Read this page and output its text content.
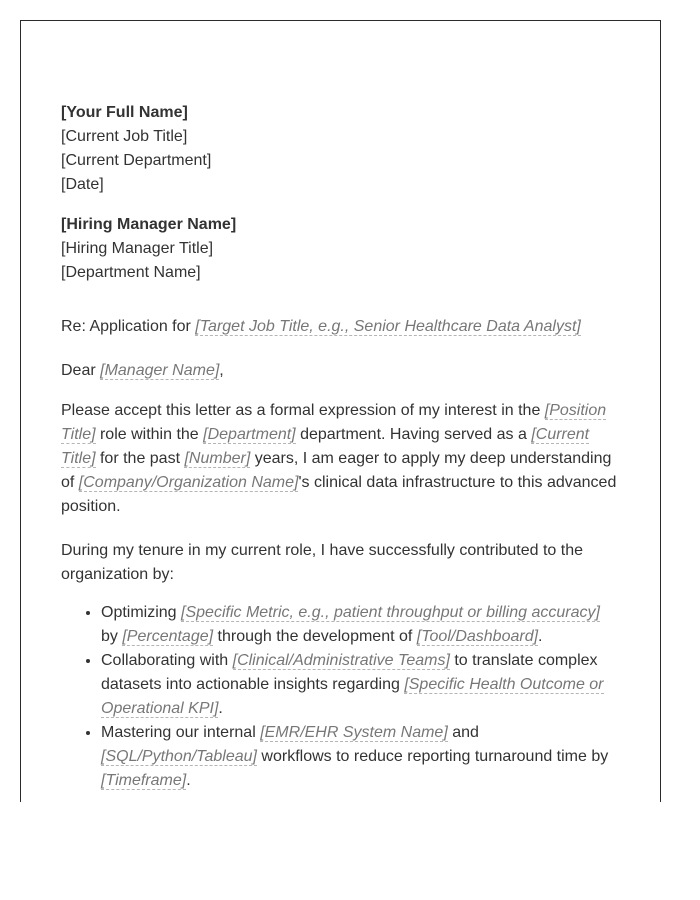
[Your Full Name]
[Current Job Title]
[Current Department]
[Date]
[Hiring Manager Name]
[Hiring Manager Title]
[Department Name]

Re: Application for [Target Job Title, e.g., Senior Healthcare Data Analyst]

Dear [Manager Name],

Please accept this letter as a formal expression of my interest in the [Position Title] role within the [Department] department. Having served as a [Current Title] for the past [Number] years, I am eager to apply my deep understanding of [Company/Organization Name]'s clinical data infrastructure to this advanced position.

During my tenure in my current role, I have successfully contributed to the organization by:

• Optimizing [Specific Metric, e.g., patient throughput or billing accuracy] by [Percentage] through the development of [Tool/Dashboard].
• Collaborating with [Clinical/Administrative Teams] to translate complex datasets into actionable insights regarding [Specific Health Outcome or Operational KPI].
• Mastering our internal [EMR/EHR System Name] and [SQL/Python/Tableau] workflows to reduce reporting turnaround time by [Timeframe].
